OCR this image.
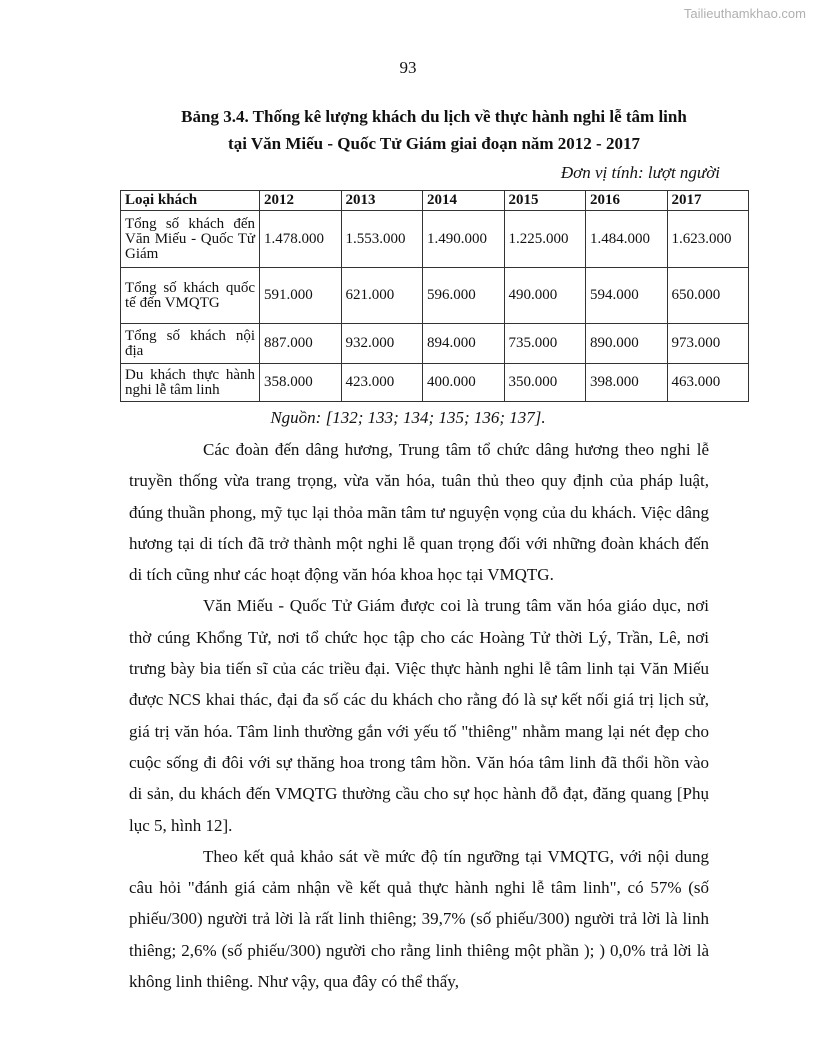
Tailieuthamkhao.com
93
Bảng 3.4. Thống kê lượng khách du lịch về thực hành nghi lễ tâm linh
tại Văn Miếu - Quốc Tử Giám giai đoạn năm 2012 - 2017
Đơn vị tính: lượt người
Loại khách	2012	2013	2014	2015	2016	2017
Tổng số khách đến Văn Miếu - Quốc Tử Giám	1.478.000	1.553.000	1.490.000	1.225.000	1.484.000	1.623.000
Tổng số khách quốc tế đến VMQTG	591.000	621.000	596.000	490.000	594.000	650.000
Tổng số khách nội địa	887.000	932.000	894.000	735.000	890.000	973.000
Du khách thực hành nghi lễ tâm linh	358.000	423.000	400.000	350.000	398.000	463.000
Nguồn: [132; 133; 134; 135; 136; 137].

Các đoàn đến dâng hương, Trung tâm tổ chức dâng hương theo nghi lễ truyền thống vừa trang trọng, vừa văn hóa, tuân thủ theo quy định của pháp luật, đúng thuần phong, mỹ tục lại thỏa mãn tâm tư nguyện vọng của du khách. Việc dâng hương tại di tích đã trở thành một nghi lễ quan trọng đối với những đoàn khách đến di tích cũng như các hoạt động văn hóa khoa học tại VMQTG.

Văn Miếu - Quốc Tử Giám được coi là trung tâm văn hóa giáo dục, nơi thờ cúng Khổng Tử, nơi tổ chức học tập cho các Hoàng Tử thời Lý, Trần, Lê, nơi trưng bày bia tiến sĩ của các triều đại. Việc thực hành nghi lễ tâm linh tại Văn Miếu được NCS khai thác, đại đa số các du khách cho rằng đó là sự kết nối giá trị lịch sử, giá trị văn hóa. Tâm linh thường gắn với yếu tố "thiêng" nhằm mang lại nét đẹp cho cuộc sống đi đôi với sự thăng hoa trong tâm hồn. Văn hóa tâm linh đã thổi hồn vào di sản, du khách đến VMQTG thường cầu cho sự học hành đỗ đạt, đăng quang [Phụ lục 5, hình 12].

Theo kết quả khảo sát về mức độ tín ngưỡng tại VMQTG, với nội dung câu hỏi "đánh giá cảm nhận về kết quả thực hành nghi lễ tâm linh", có 57% (số phiếu/300) người trả lời là rất linh thiêng; 39,7% (số phiếu/300) người trả lời là linh thiêng; 2,6% (số phiếu/300) người cho rằng linh thiêng một phần ); ) 0,0% trả lời là không linh thiêng. Như vậy, qua đây có thể thấy,
